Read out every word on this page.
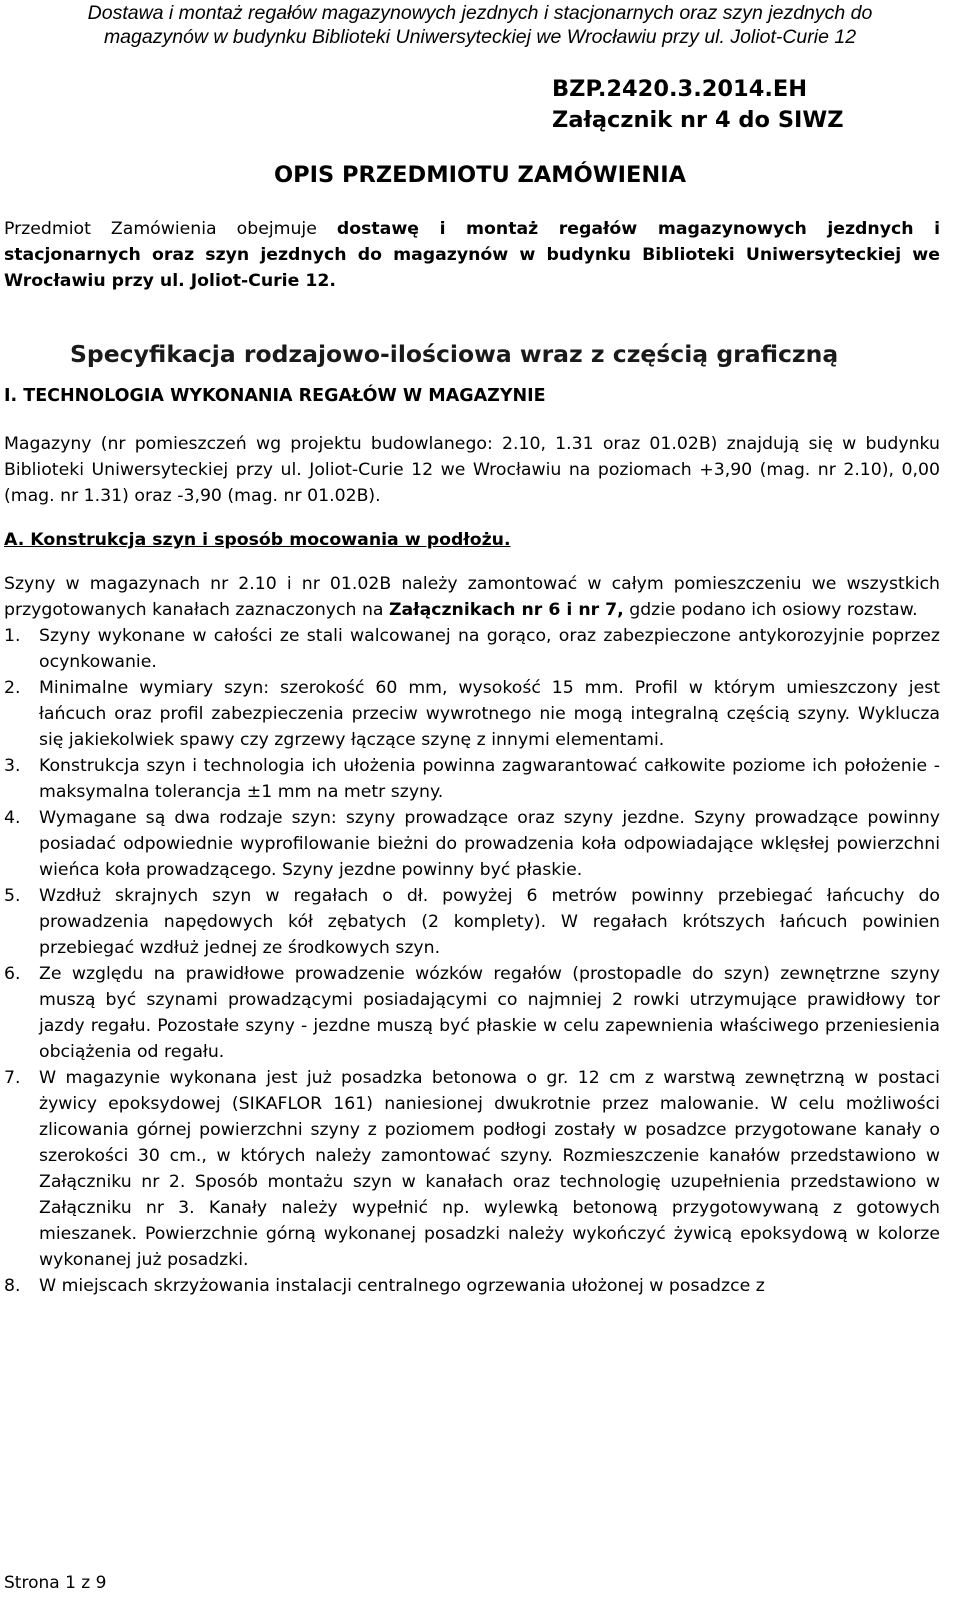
Dostawa i montaż regałów magazynowych jezdnych i stacjonarnych oraz szyn jezdnych do
magazynów w budynku Biblioteki Uniwersyteckiej we Wrocławiu przy ul. Joliot-Curie 12
BZP.2420.3.2014.EH
Załącznik nr 4 do SIWZ
OPIS PRZEDMIOTU ZAMÓWIENIA
Przedmiot Zamówienia obejmuje dostawę i montaż regałów magazynowych jezdnych i stacjonarnych oraz szyn jezdnych do magazynów w budynku Biblioteki Uniwersyteckiej we Wrocławiu przy ul. Joliot-Curie 12.
Specyfikacja rodzajowo-ilościowa wraz z częścią graficzną
I. TECHNOLOGIA WYKONANIA REGAŁÓW W MAGAZYNIE
Magazyny (nr pomieszczeń wg projektu budowlanego: 2.10, 1.31 oraz 01.02B) znajdują się w budynku Biblioteki Uniwersyteckiej przy ul. Joliot-Curie 12 we Wrocławiu na poziomach +3,90 (mag. nr 2.10), 0,00 (mag. nr 1.31) oraz -3,90 (mag. nr 01.02B).
A. Konstrukcja szyn i sposób mocowania w podłożu.
Szyny w magazynach nr 2.10 i nr 01.02B należy zamontować w całym pomieszczeniu we wszystkich przygotowanych kanałach zaznaczonych na Załącznikach nr 6 i nr 7, gdzie podano ich osiowy rozstaw.
1. Szyny wykonane w całości ze stali walcowanej na gorąco, oraz zabezpieczone antykorozyjnie poprzez ocynkowanie.
2. Minimalne wymiary szyn: szerokość 60 mm, wysokość 15 mm. Profil w którym umieszczony jest łańcuch oraz profil zabezpieczenia przeciw wywrotnego nie mogą integralną częścią szyny. Wyklucza się jakiekolwiek spawy czy zgrzewy łączące szynę z innymi elementami.
3. Konstrukcja szyn i technologia ich ułożenia powinna zagwarantować całkowite poziome ich położenie - maksymalna tolerancja ±1 mm na metr szyny.
4. Wymagane są dwa rodzaje szyn: szyny prowadzące oraz szyny jezdne. Szyny prowadzące powinny posiadać odpowiednie wyprofilowanie bieżni do prowadzenia koła odpowiadające wklęsłej powierzchni wieńca koła prowadzącego. Szyny jezdne powinny być płaskie.
5. Wzdłuż skrajnych szyn w regałach o dł. powyżej 6 metrów powinny przebiegać łańcuchy do prowadzenia napędowych kół zębatych (2 komplety). W regałach krótszych łańcuch powinien przebiegać wzdłuż jednej ze środkowych szyn.
6. Ze względu na prawidłowe prowadzenie wózków regałów (prostopadle do szyn) zewnętrzne szyny muszą być szynami prowadzącymi posiadającymi co najmniej 2 rowki utrzymujące prawidłowy tor jazdy regału. Pozostałe szyny - jezdne muszą być płaskie w celu zapewnienia właściwego przeniesienia obciążenia od regału.
7. W magazynie wykonana jest już posadzka betonowa o gr. 12 cm z warstwą zewnętrzną w postaci żywicy epoksydowej (SIKAFLOR 161) naniesionej dwukrotnie przez malowanie. W celu możliwości zlicowania górnej powierzchni szyny z poziomem podłogi zostały w posadzce przygotowane kanały o szerokości 30 cm., w których należy zamontować szyny. Rozmieszczenie kanałów przedstawiono w Załączniku nr 2. Sposób montażu szyn w kanałach oraz technologię uzupełnienia przedstawiono w Załączniku nr 3. Kanały należy wypełnić np. wylewką betonową przygotowywaną z gotowych mieszanek. Powierzchnie górną wykonanej posadzki należy wykończyć żywicą epoksydową w kolorze wykonanej już posadzki.
8. W miejscach skrzyżowania instalacji centralnego ogrzewania ułożonej w posadzce z
Strona 1 z 9
